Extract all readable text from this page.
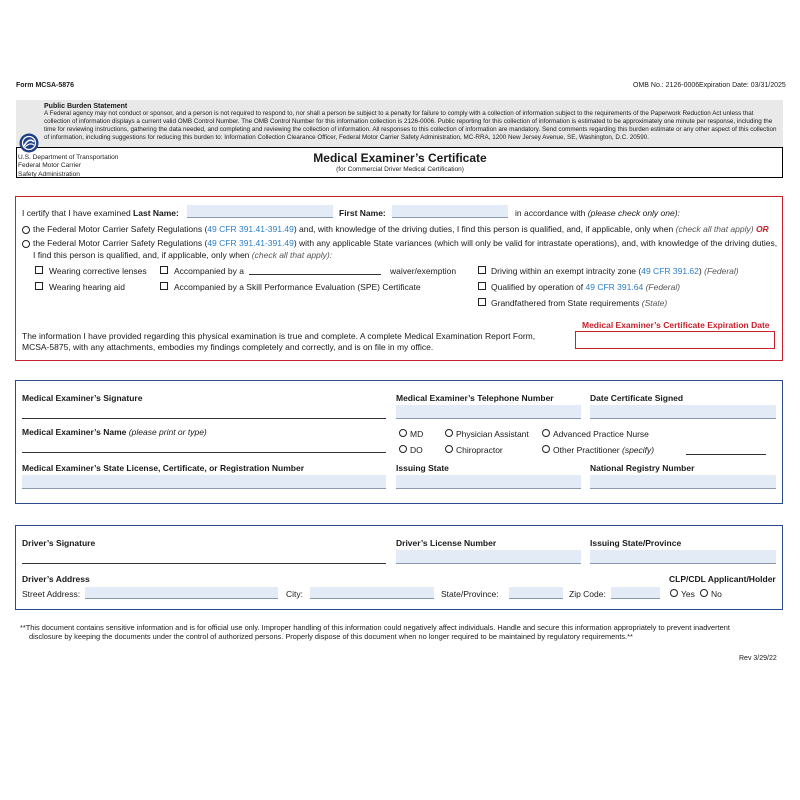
Form MCSA-5876	OMB No.: 2126-0006 Expiration Date: 03/31/2025
Public Burden Statement
A Federal agency may not conduct or sponsor, and a person is not required to respond to, nor shall a person be subject to a penalty for failure to comply with a collection of information subject to the requirements of the Paperwork Reduction Act unless that collection of information displays a current valid OMB Control Number. The OMB Control Number for this information collection is 2126-0006. Public reporting for this collection of information is estimated to be approximately one minute per response, including the time for reviewing instructions, gathering the data needed, and completing and reviewing the collection of information. All responses to this collection of information are mandatory. Send comments regarding this burden estimate or any other aspect of this collection of information, including suggestions for reducing this burden to: Information Collection Clearance Officer, Federal Motor Carrier Safety Administration, MC-RRA, 1200 New Jersey Avenue, SE, Washington, D.C. 20590.
U.S. Department of Transportation
Federal Motor Carrier
Safety Administration
Medical Examiner’s Certificate
(for Commercial Driver Medical Certification)
I certify that I have examined Last Name:	First Name:	in accordance with (please check only one):
the Federal Motor Carrier Safety Regulations (49 CFR 391.41-391.49) and, with knowledge of the driving duties, I find this person is qualified, and, if applicable, only when (check all that apply) OR
the Federal Motor Carrier Safety Regulations (49 CFR 391.41-391.49) with any applicable State variances (which will only be valid for intrastate operations), and, with knowledge of the driving duties,
I find this person is qualified, and, if applicable, only when (check all that apply):
Wearing corrective lenses	Accompanied by a	waiver/exemption	Driving within an exempt intracity zone (49 CFR 391.62) (Federal)
Wearing hearing aid	Accompanied by a Skill Performance Evaluation (SPE) Certificate	Qualified by operation of 49 CFR 391.64 (Federal)
Grandfathered from State requirements (State)
The information I have provided regarding this physical examination is true and complete. A complete Medical Examination Report Form,
MCSA-5875, with any attachments, embodies my findings completely and correctly, and is on file in my office.
Medical Examiner’s Certificate Expiration Date
Medical Examiner’s Signature	Medical Examiner’s Telephone Number	Date Certificate Signed
Medical Examiner’s Name (please print or type)	MD	Physician Assistant	Advanced Practice Nurse
DO	Chiropractor	Other Practitioner (specify)
Medical Examiner’s State License, Certificate, or Registration Number	Issuing State	National Registry Number
Driver’s Signature	Driver’s License Number	Issuing State/Province
Driver’s Address
Street Address:	City:	State/Province:	Zip Code:
CLP/CDL Applicant/Holder
Yes No
**This document contains sensitive information and is for official use only. Improper handling of this information could negatively affect individuals. Handle and secure this information appropriately to prevent inadvertent
disclosure by keeping the documents under the control of authorized persons. Properly dispose of this document when no longer required to be maintained by regulatory requirements.**
Rev 3/29/22
